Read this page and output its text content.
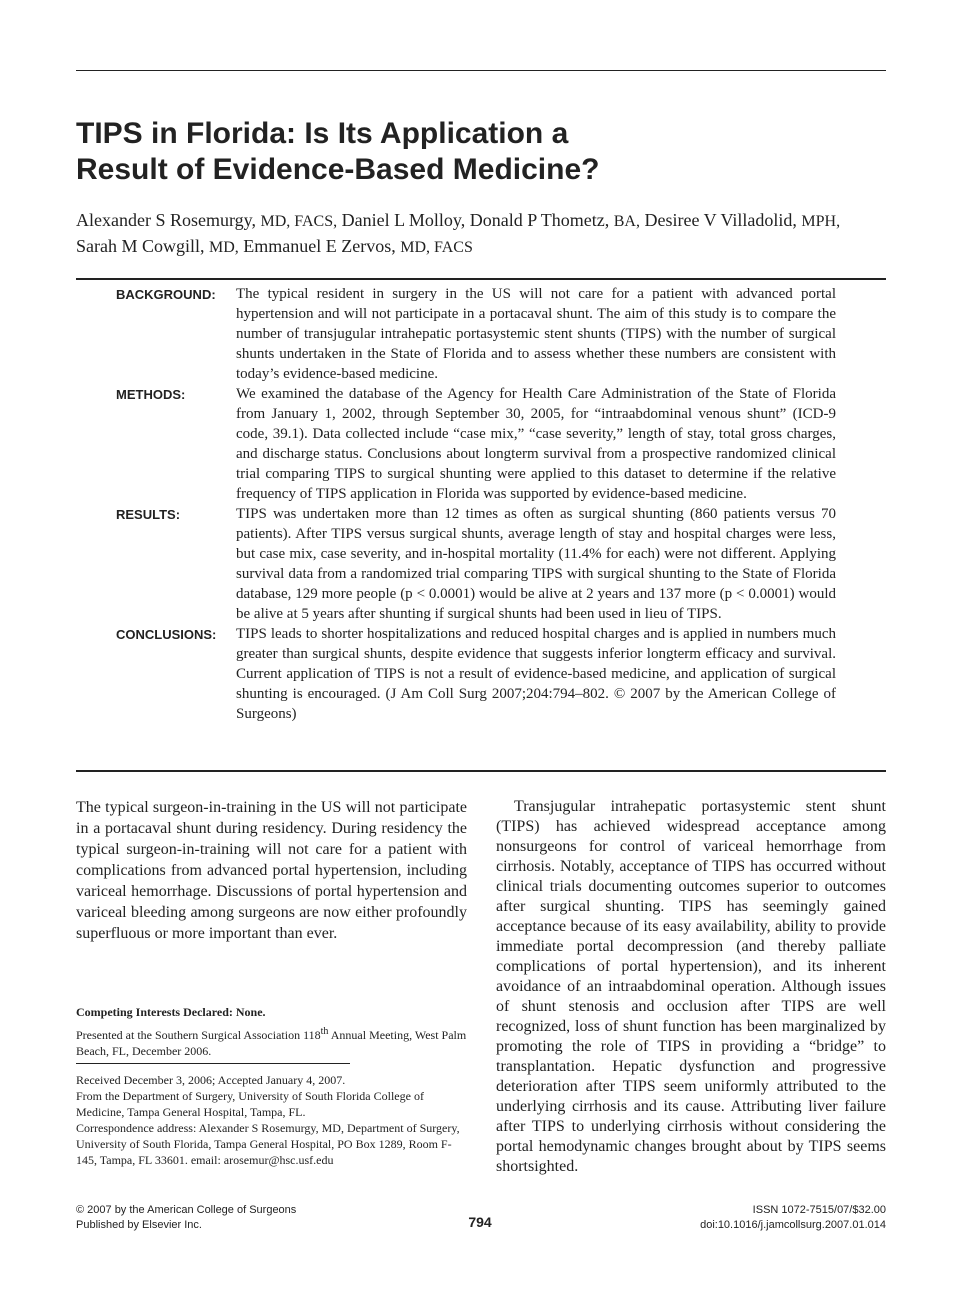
TIPS in Florida: Is Its Application a
Result of Evidence-Based Medicine?
Alexander S Rosemurgy, MD, FACS, Daniel L Molloy, Donald P Thometz, BA, Desiree V Villadolid, MPH,
Sarah M Cowgill, MD, Emmanuel E Zervos, MD, FACS
BACKGROUND:	The typical resident in surgery in the US will not care for a patient with advanced portal hypertension and will not participate in a portacaval shunt. The aim of this study is to compare the number of transjugular intrahepatic portasystemic stent shunts (TIPS) with the number of surgical shunts undertaken in the State of Florida and to assess whether these numbers are consistent with today’s evidence-based medicine.
METHODS:	We examined the database of the Agency for Health Care Administration of the State of Florida from January 1, 2002, through September 30, 2005, for “intraabdominal venous shunt” (ICD-9 code, 39.1). Data collected include “case mix,” “case severity,” length of stay, total gross charges, and discharge status. Conclusions about longterm survival from a prospective randomized clinical trial comparing TIPS to surgical shunting were applied to this dataset to determine if the relative frequency of TIPS application in Florida was supported by evidence-based medicine.
RESULTS:	TIPS was undertaken more than 12 times as often as surgical shunting (860 patients versus 70 patients). After TIPS versus surgical shunts, average length of stay and hospital charges were less, but case mix, case severity, and in-hospital mortality (11.4% for each) were not different. Applying survival data from a randomized trial comparing TIPS with surgical shunting to the State of Florida database, 129 more people (p < 0.0001) would be alive at 2 years and 137 more (p < 0.0001) would be alive at 5 years after shunting if surgical shunts had been used in lieu of TIPS.
CONCLUSIONS:	TIPS leads to shorter hospitalizations and reduced hospital charges and is applied in numbers much greater than surgical shunts, despite evidence that suggests inferior longterm efficacy and survival. Current application of TIPS is not a result of evidence-based medicine, and application of surgical shunting is encouraged. (J Am Coll Surg 2007;204:794–802. © 2007 by the American College of Surgeons)

The typical surgeon-in-training in the US will not participate in a portacaval shunt during residency. During residency the typical surgeon-in-training will not care for a patient with complications from advanced portal hypertension, including variceal hemorrhage. Discussions of portal hypertension and variceal bleeding among surgeons are now either profoundly superfluous or more important than ever.

Transjugular intrahepatic portasystemic stent shunt (TIPS) has achieved widespread acceptance among nonsurgeons for control of variceal hemorrhage from cirrhosis. Notably, acceptance of TIPS has occurred without clinical trials documenting outcomes superior to outcomes after surgical shunting. TIPS has seemingly gained acceptance because of its easy availability, ability to provide immediate portal decompression (and thereby palliate complications of portal hypertension), and its inherent avoidance of an intraabdominal operation. Although issues of shunt stenosis and occlusion after TIPS are well recognized, loss of shunt function has been marginalized by promoting the role of TIPS in providing a “bridge” to transplantation. Hepatic dysfunction and progressive deterioration after TIPS seem uniformly attributed to the underlying cirrhosis and its cause. Attributing liver failure after TIPS to underlying cirrhosis without considering the portal hemodynamic changes brought about by TIPS seems shortsighted.

Competing Interests Declared: None.

Presented at the Southern Surgical Association 118th Annual Meeting, West Palm Beach, FL, December 2006.

Received December 3, 2006; Accepted January 4, 2007.

From the Department of Surgery, University of South Florida College of Medicine, Tampa General Hospital, Tampa, FL.

Correspondence address: Alexander S Rosemurgy, MD, Department of Surgery, University of South Florida, Tampa General Hospital, PO Box 1289, Room F-145, Tampa, FL 33601. email: arosemur@hsc.usf.edu

© 2007 by the American College of Surgeons
Published by Elsevier Inc.	794
ISSN 1072-7515/07/$32.00
doi:10.1016/j.jamcollsurg.2007.01.014
